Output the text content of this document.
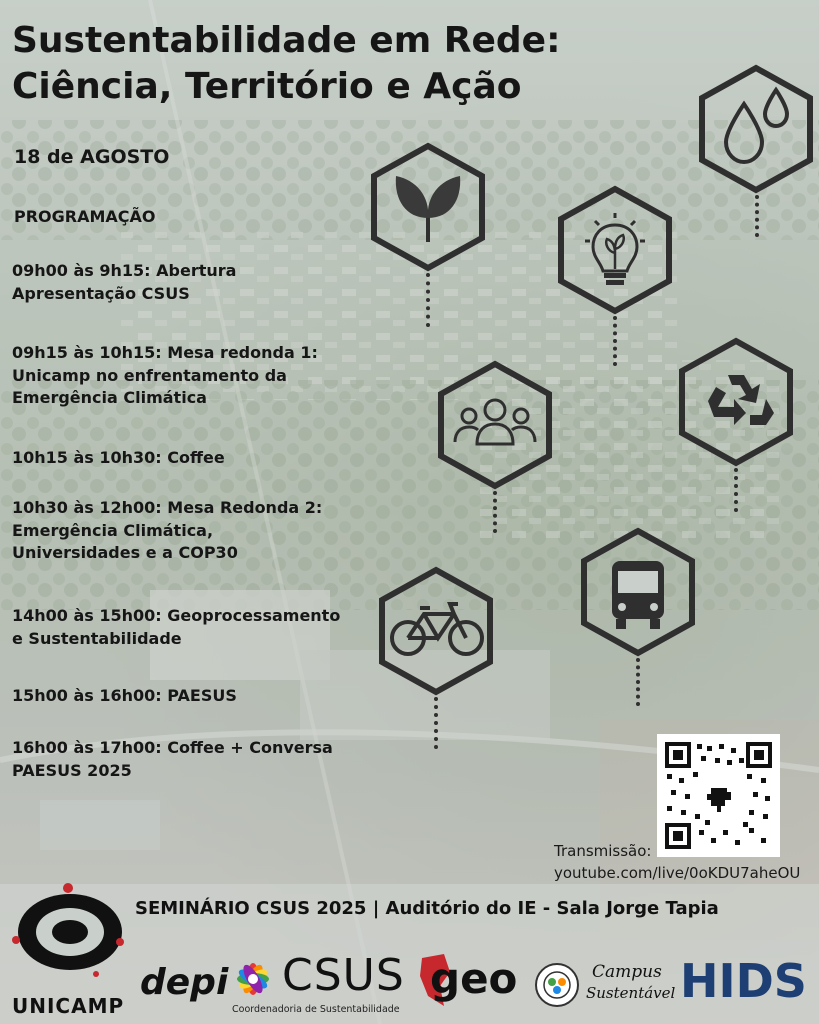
Sustentabilidade em Rede:
Ciência, Território e Ação
18 de AGOSTO
PROGRAMAÇÃO
09h00 às 9h15: Abertura
Apresentação CSUS
09h15 às 10h15: Mesa redonda 1:
Unicamp no enfrentamento da
Emergência Climática
10h15 às 10h30: Coffee
10h30 às 12h00: Mesa Redonda 2:
Emergência Climática,
Universidades e a COP30
14h00 às 15h00: Geoprocessamento
e Sustentabilidade
15h00 às 16h00: PAESUS
16h00 às 17h00: Coffee + Conversa
PAESUS 2025
Transmissão:
youtube.com/live/0oKDU7aheOU
SEMINÁRIO CSUS 2025 | Auditório do IE - Sala Jorge Tapia
UNICAMP
depi CSUS
Coordenadoria de Sustentabilidade
geo	Campus
Sustentável HIDS
